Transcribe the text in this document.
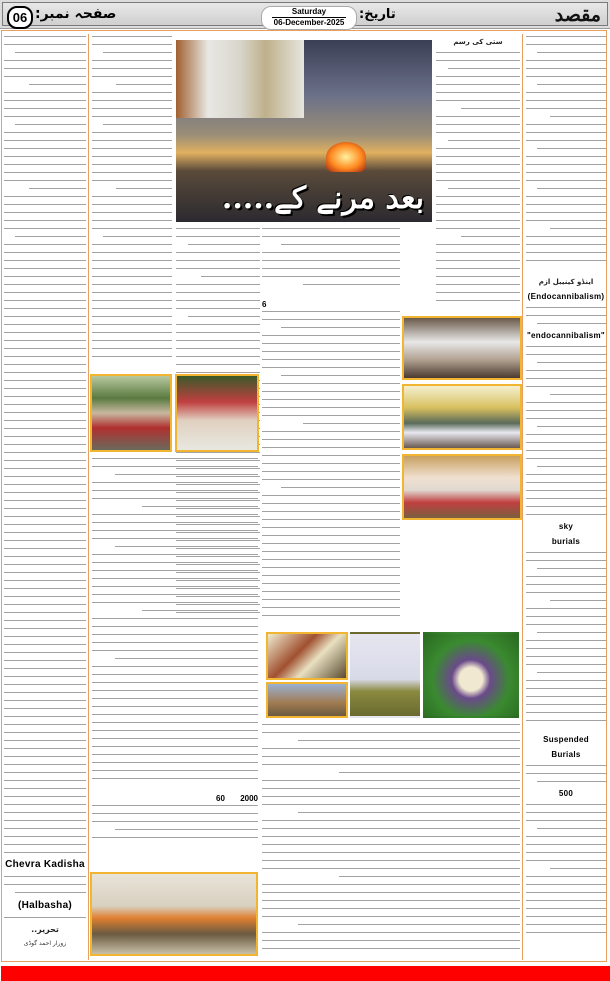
06 صفحہ نمبر:	Saturday
06-December-2025
تاریخ:	مقصد
بعد مرنے کے.....
اینڈو کینیبل ازم
(Endocannibalism)
"endocannibalism"
sky
burials
Suspended
Burials
500
ستی کی رسم
6
2000   60
Chevra Kadisha
(Halbasha)
تحریر..
زورار احمد گوڈی
